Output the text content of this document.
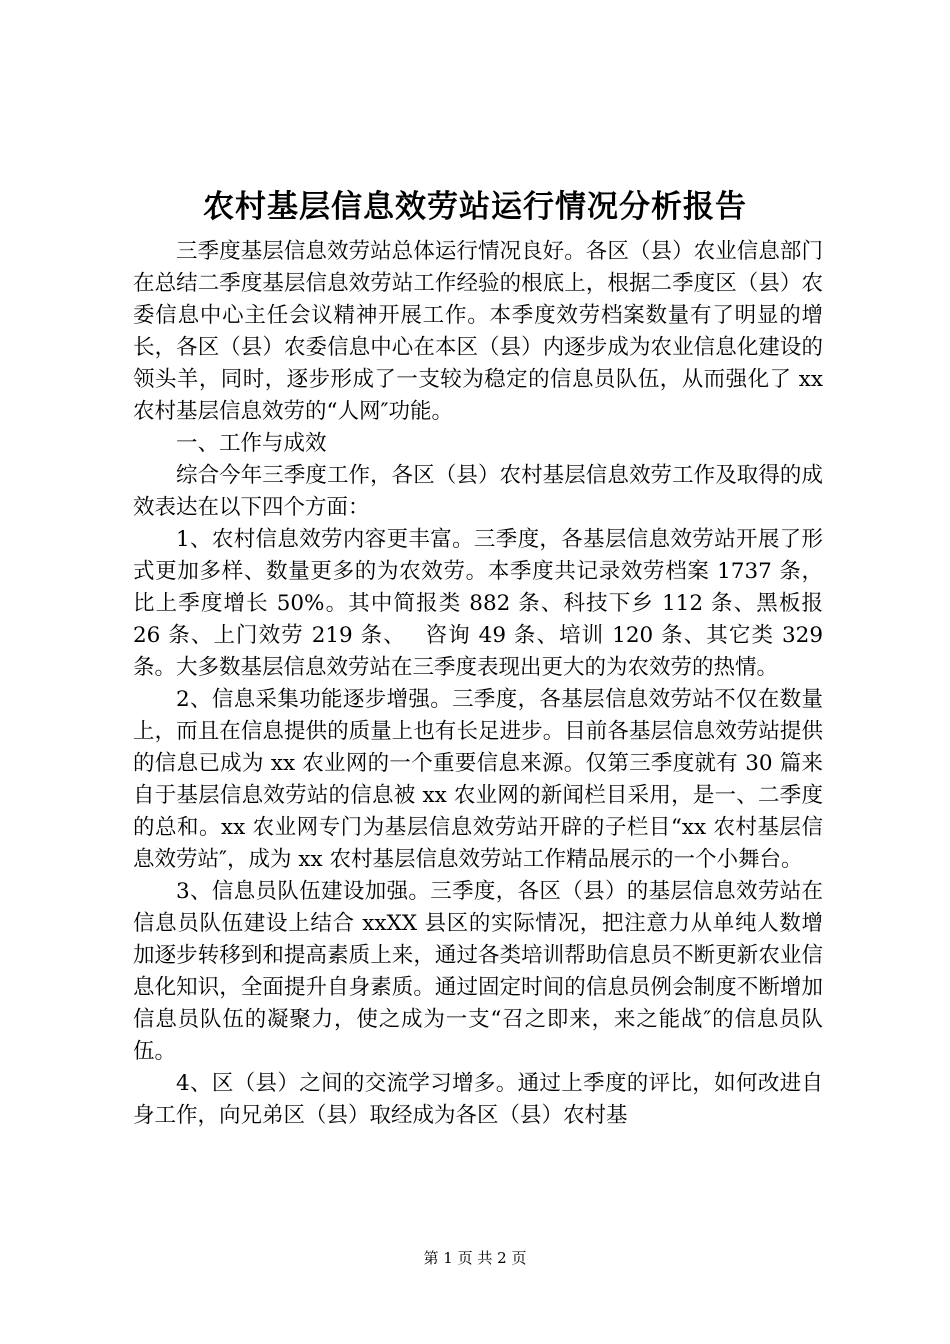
农村基层信息效劳站运行情况分析报告

三季度基层信息效劳站总体运行情况良好。各区（县）农业信息部门在总结二季度基层信息效劳站工作经验的根底上，根据二季度区（县）农委信息中心主任会议精神开展工作。本季度效劳档案数量有了明显的增长，各区（县）农委信息中心在本区（县）内逐步成为农业信息化建设的领头羊，同时，逐步形成了一支较为稳定的信息员队伍，从而强化了 xx 农村基层信息效劳的“人网″功能。

一、工作与成效

综合今年三季度工作，各区（县）农村基层信息效劳工作及取得的成效表达在以下四个方面：

1、农村信息效劳内容更丰富。三季度，各基层信息效劳站开展了形式更加多样、数量更多的为农效劳。本季度共记录效劳档案 1737 条，比上季度增长 50%。其中简报类 882 条、科技下乡 112 条、黑板报 26 条、上门效劳 219 条、　 咨询 49 条、培训 120 条、其它类 329 条。大多数基层信息效劳站在三季度表现出更大的为农效劳的热情。

2、信息采集功能逐步增强。三季度，各基层信息效劳站不仅在数量上，而且在信息提供的质量上也有长足进步。目前各基层信息效劳站提供的信息已成为 xx 农业网的一个重要信息来源。仅第三季度就有 30 篇来自于基层信息效劳站的信息被 xx 农业网的新闻栏目采用，是一、二季度的总和。xx 农业网专门为基层信息效劳站开辟的子栏目“xx 农村基层信息效劳站″，成为 xx 农村基层信息效劳站工作精品展示的一个小舞台。

3、信息员队伍建设加强。三季度，各区（县）的基层信息效劳站在信息员队伍建设上结合 xxXX 县区的实际情况，把注意力从单纯人数增加逐步转移到和提高素质上来，通过各类培训帮助信息员不断更新农业信息化知识，全面提升自身素质。通过固定时间的信息员例会制度不断增加信息员队伍的凝聚力，使之成为一支“召之即来，来之能战″的信息员队伍。

4、区（县）之间的交流学习增多。通过上季度的评比，如何改进自身工作，向兄弟区（县）取经成为各区（县）农村基

第 1 页 共 2 页
